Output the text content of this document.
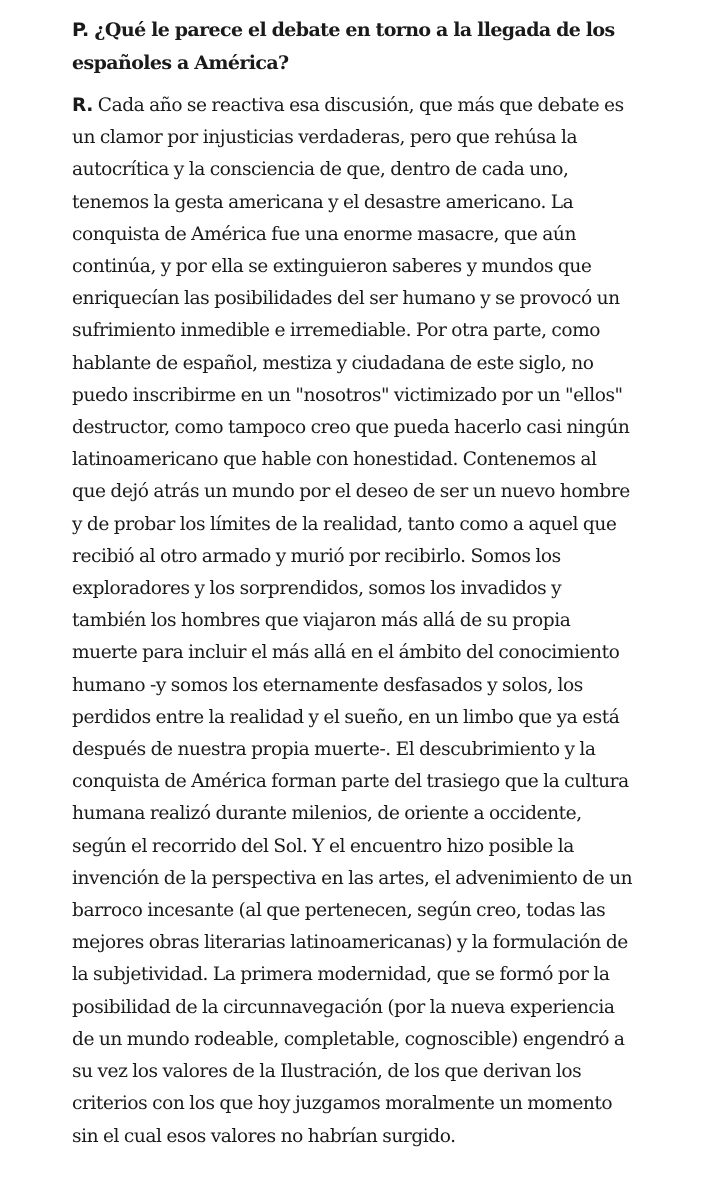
P. ¿Qué le parece el debate en torno a la llegada de los
españoles a América?
R. Cada año se reactiva esa discusión, que más que debate es
un clamor por injusticias verdaderas, pero que rehúsa la
autocrítica y la consciencia de que, dentro de cada uno,
tenemos la gesta americana y el desastre americano. La
conquista de América fue una enorme masacre, que aún
continúa, y por ella se extinguieron saberes y mundos que
enriquecían las posibilidades del ser humano y se provocó un
sufrimiento inmedible e irremediable. Por otra parte, como
hablante de español, mestiza y ciudadana de este siglo, no
puedo inscribirme en un "nosotros" victimizado por un "ellos"
destructor, como tampoco creo que pueda hacerlo casi ningún
latinoamericano que hable con honestidad. Contenemos al
que dejó atrás un mundo por el deseo de ser un nuevo hombre
y de probar los límites de la realidad, tanto como a aquel que
recibió al otro armado y murió por recibirlo. Somos los
exploradores y los sorprendidos, somos los invadidos y
también los hombres que viajaron más allá de su propia
muerte para incluir el más allá en el ámbito del conocimiento
humano -y somos los eternamente desfasados y solos, los
perdidos entre la realidad y el sueño, en un limbo que ya está
después de nuestra propia muerte-. El descubrimiento y la
conquista de América forman parte del trasiego que la cultura
humana realizó durante milenios, de oriente a occidente,
según el recorrido del Sol. Y el encuentro hizo posible la
invención de la perspectiva en las artes, el advenimiento de un
barroco incesante (al que pertenecen, según creo, todas las
mejores obras literarias latinoamericanas) y la formulación de
la subjetividad. La primera modernidad, que se formó por la
posibilidad de la circunnavegación (por la nueva experiencia
de un mundo rodeable, completable, cognoscible) engendró a
su vez los valores de la Ilustración, de los que derivan los
criterios con los que hoy juzgamos moralmente un momento
sin el cual esos valores no habrían surgido.
